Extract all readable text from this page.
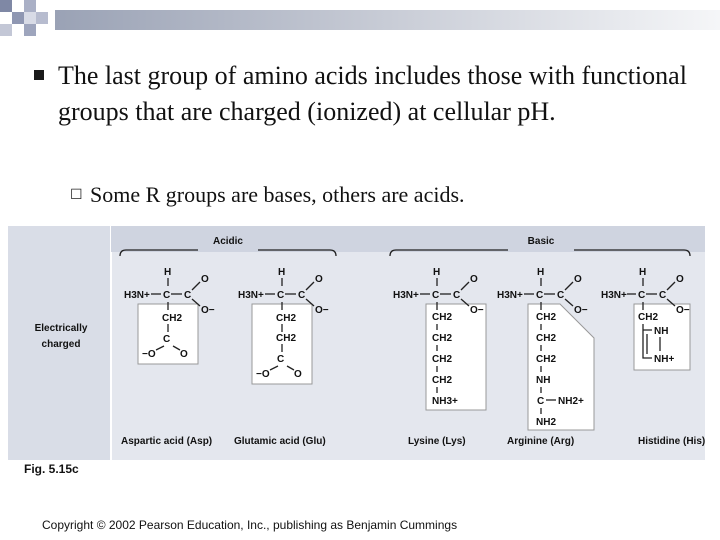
The last group of amino acids includes those with functional groups that are charged (ionized) at cellular pH.
☐ Some R groups are bases, others are acids.
Electrically
charged
Acidic	Basic
H
H3N+ C C
O
O−
CH2
C
−O O
H
H3N+ C C
O
O−
CH2
CH2
C
−O O
H
H3N+ C C
O
O−
CH2
CH2
CH2
CH2
NH3+
H
H3N+ C C
O
O−
CH2
CH2
CH2
NH
C NH2+
NH2
H
H3N+ C C
O
O−
CH2
NH
NH+
Aspartic acid (Asp) Glutamic acid (Glu)	Lysine (Lys)	Arginine (Arg)	Histidine (His)
Fig. 5.15c
Copyright © 2002 Pearson Education, Inc., publishing as Benjamin Cummings
